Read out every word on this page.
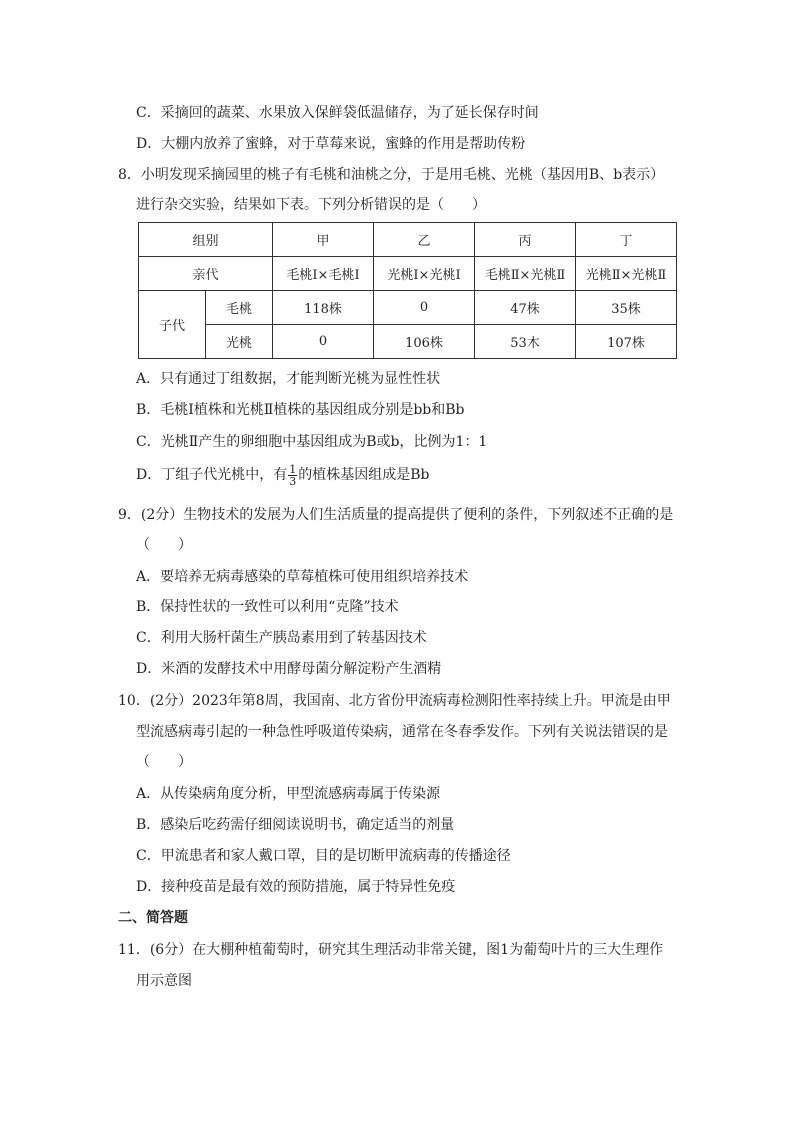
C．采摘回的蔬菜、水果放入保鲜袋低温储存，为了延长保存时间
D．大棚内放养了蜜蜂，对于草莓来说，蜜蜂的作用是帮助传粉
8．小明发现采摘园里的桃子有毛桃和油桃之分，于是用毛桃、光桃（基因用B、b表示）
进行杂交实验，结果如下表。下列分析错误的是（　　）
组别		甲	乙	丙	丁
亲代		毛桃Ⅰ×毛桃Ⅰ	光桃Ⅰ×光桃Ⅰ	毛桃Ⅱ×光桃Ⅱ	光桃Ⅱ×光桃Ⅱ
子代	毛桃	118株	0	47株	35株
	光桃	0	106株	53木	107株
A．只有通过丁组数据，才能判断光桃为显性性状
B．毛桃Ⅰ植株和光桃Ⅱ植株的基因组成分别是bb和Bb
C．光桃Ⅱ产生的卵细胞中基因组成为B或b，比例为1：1
D．丁组子代光桃中，有 $\frac{1}{3}$ 的植株基因组成是Bb
9．(2分）生物技术的发展为人们生活质量的提高提供了便利的条件，下列叙述不正确的是
（　　）
A．要培养无病毒感染的草莓植株可使用组织培养技术
B．保持性状的一致性可以利用“克隆”技术
C．利用大肠杆菌生产胰岛素用到了转基因技术
D．米酒的发酵技术中用酵母菌分解淀粉产生酒精
10．(2分）2023年第8周，我国南、北方省份甲流病毒检测阳性率持续上升。甲流是由甲
型流感病毒引起的一种急性呼吸道传染病，通常在冬春季发作。下列有关说法错误的是
（　　）
A．从传染病角度分析，甲型流感病毒属于传染源
B．感染后吃药需仔细阅读说明书，确定适当的剂量
C．甲流患者和家人戴口罩，目的是切断甲流病毒的传播途径
D．接种疫苗是最有效的预防措施，属于特异性免疫
二、简答题
11．(6分）在大棚种植葡萄时，研究其生理活动非常关键，图1为葡萄叶片的三大生理作
用示意图
